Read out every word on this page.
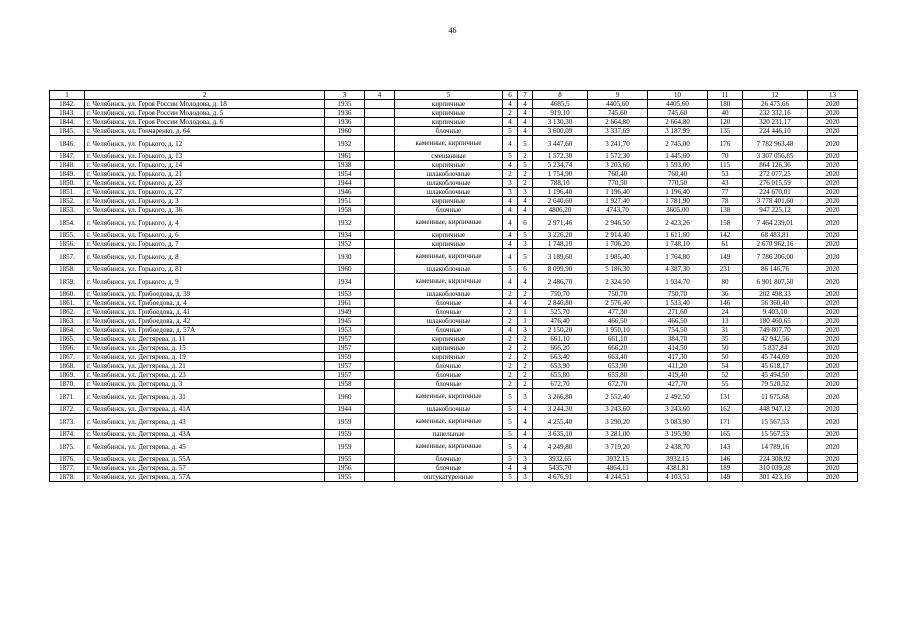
46
1	2	3	4	5	6	7	8	9	10	11	12	13
1842.	г. Челябинск, ул. Героя России Молодова, д. 18	1935		кирпичные	4	4	4685,5	4405,60	4405,60	180	26 475,66	2020
1843.	г. Челябинск, ул. Героя России Молодова, д. 5	1936		кирпичные	2	4	919,10	745,60	745,60	40	232 332,16	2020
1844.	г. Челябинск, ул. Героя России Молодова, д. 6	1936		кирпичные	4	4	3 130,30	2 664,80	2 664,80	120	320 231,17	2020
1845.	г. Челябинск, ул. Гончаренко, д. 64	1960		блочные	5	4	3 600,09	3 337,69	3 187,99	135	224 446,10	2020
1846.	г. Челябинск, ул. Горького, д. 12	1932		каменные, кирпичные	4	5	3 447,60	3 241,70	2 745,00	176	7 782 963,48	2020
1847.	г. Челябинск, ул. Горького, д. 13	1961		смешанные	5	2	1 572,30	1 572,30	1 445,60	70	3 307 056,85	2020
1848.	г. Челябинск, ул. Горького, д. 14	1938		кирпичные	4	5	5 234,74	3 203,60	1 593,00	115	864 126,36	2020
1849.	г. Челябинск, ул. Горького, д. 21	1954		шлакоблочные	2	2	1 754,90	760,40	760,40	53	272 077,25	2020
1850.	г. Челябинск, ул. Горького, д. 23	1944		шлакоблочные	3	2	788,10	770,50	770,50	43	276 015,59	2020
1851.	г. Челябинск, ул. Горького, д. 27	1946		шлакоблочные	3	3	1 196,40	1 196,40	1 196,40	77	224 670,01	2020
1852.	г. Челябинск, ул. Горького, д. 3	1951		кирпичные	4	4	2 640,60	1 927,40	1 781,90	78	3 778 401,60	2020
1853.	г. Челябинск, ул. Горького, д. 36	1958		блочные	4	4	4806,20	4743,70	3605,00	138	947 225,12	2020
1854.	г. Челябинск, ул. Горького, д. 4	1932		каменные, кирпичные	4	6	2 971,46	2 946,50	2 423,26	158	7 464 239,01	2020
1855.	г. Челябинск, ул. Горького, д. 6	1934		кирпичные	4	5	3 226,20	2 914,40	1 611,60	142	68 483,81	2020
1856.	г. Челябинск, ул. Горького, д. 7	1952		кирпичные	4	3	1 748,10	1 706,20	1 748,10	61	2 670 962,16	2020
1857.	г. Челябинск, ул. Горького, д. 8	1930		каменные, кирпичные	4	5	3 189,60	1 985,40	1 764,80	149	7 786 206,00	2020
1858.	г. Челябинск, ул. Горького, д. 81	1960		шлакоблочные	5	6	8 099,90	5 186,30	4 387,30	231	86 146,76	2020
1859.	г. Челябинск, ул. Горького, д. 9	1934		каменные, кирпичные	4	4	2 486,70	2 324,50	1 934,70	80	6 901 807,50	2020
1860.	г. Челябинск, ул. Грибоедова, д. 39	1953		шлакоблочные	2	2	750,70	750,70	750,70	36	202 498,33	2020
1861.	г. Челябинск, ул. Грибоедова, д. 4	1961		блочные	4	4	2 846,80	2 576,40	1 533,40	146	56 360,40	2020
1862.	г. Челябинск, ул. Грибоедова, д. 41	1949		блочные	2	1	525,70	477,30	271,60	24	9 403,10	2020
1863.	г. Челябинск, ул. Грибоедова, д. 42	1945		шлакоблочные	2	1	476,40	466,50	466,50	13	180 460,65	2020
1864.	г. Челябинск, ул. Грибоедова, д. 57А	1953		блочные	4	3	2 150,20	1 950,10	754,50	31	749 807,70	2020
1865.	г. Челябинск, ул. Дегтярева, д. 11	1957		кирпичные	2	2	661,10	661,10	384,70	35	42 942,56	2020
1866.	г. Челябинск, ул. Дегтярева, д. 15	1957		кирпичные	2	2	666,20	666,20	414,50	50	5 837,84	2020
1867.	г. Челябинск, ул. Дегтярева, д. 19	1959		кирпичные	2	2	663,40	663,40	417,30	50	45 744,69	2020
1868.	г. Челябинск, ул. Дегтярева, д. 21	1957		блочные	2	2	653,90	653,90	411,20	54	45 618,17	2020
1869.	г. Челябинск, ул. Дегтярева, д. 23	1957		блочные	2	2	655,80	655,80	419,40	52	45 494,50	2020
1870.	г. Челябинск, ул. Дегтярева, д. 3	1958		блочные	2	2	672,70	672,70	427,70	55	79 520,52	2020
1871.	г. Челябинск, ул. Дегтярева, д. 31	1960		каменные, кирпичные	5	3	3 266,80	2 552,40	2 492,50	131	11 675,68	2020
1872.	г. Челябинск, ул. Дегтярева, д. 41А	1944		шлакоблочные	5	4	3 244,30	3 243,60	3 243,60	162	448 947,12	2020
1873.	г. Челябинск, ул. Дегтярева, д. 43	1959		каменные, кирпичные	5	4	4 255,40	3 290,20	3 083,90	171	15 567,53	2020
1874.	г. Челябинск, ул. Дегтярева, д. 43А	1959		панельные	5	4	3 635,10	3 281,00	3 195,90	165	15 567,53	2020
1875.	г. Челябинск, ул. Дегтярева, д. 45	1959		каменные, кирпичные	5	4	4 249,80	3 719,20	2 438,70	143	14 789,16	2020
1876.	г. Челябинск, ул. Дегтярева, д. 55А	1955		блочные	5	3	3932,65	3932,15	3932,15	146	224 308,92	2020
1877.	г. Челябинск, ул. Дегтярева, д. 57	1956		блочные	4	4	5435,70	4864,11	4381,81	189	310 039,28	2020
1878.	г. Челябинск, ул. Дегтярева, д. 57А	1955		оштукатуренные	5	3	4 676,91	4 244,51	4 103,51	149	301 423,16	2020
